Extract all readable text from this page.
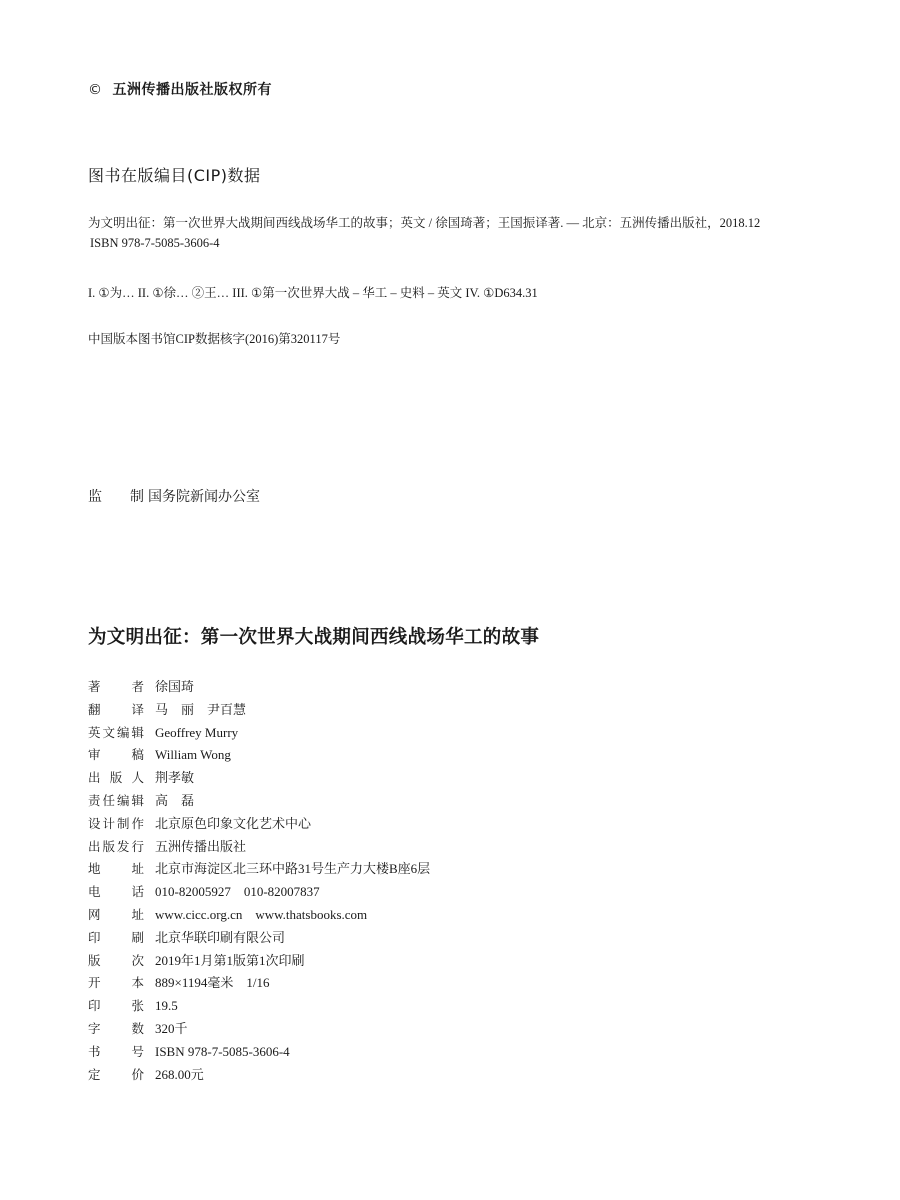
© 五洲传播出版社版权所有
图书在版编目(CIP)数据
为文明出征：第一次世界大战期间西线战场华工的故事；英文 / 徐国琦著；王国振译著. — 北京：五洲传播出版社，2018.12
ISBN 978-7-5085-3606-4
I. ①为… II. ①徐… ②王… III. ①第一次世界大战 – 华工 – 史料 – 英文 IV. ①D634.31
中国版本图书馆CIP数据核字(2016)第320117号
监 制 国务院新闻办公室
为文明出征：第一次世界大战期间西线战场华工的故事
著者 徐国琦
翻译 马　丽　尹百慧
英文编辑 Geoffrey Murry
审稿 William Wong
出版人 荆孝敏
责任编辑 高　磊
设计制作 北京原色印象文化艺术中心
出版发行 五洲传播出版社
地址 北京市海淀区北三环中路31号生产力大楼B座6层
电话 010-82005927　010-82007837
网址 www.cicc.org.cn　www.thatsbooks.com
印刷 北京华联印刷有限公司
版次 2019年1月第1版第1次印刷
开本 889×1194毫米　1/16
印张 19.5
字数 320千
书号 ISBN 978-7-5085-3606-4
定价 268.00元
